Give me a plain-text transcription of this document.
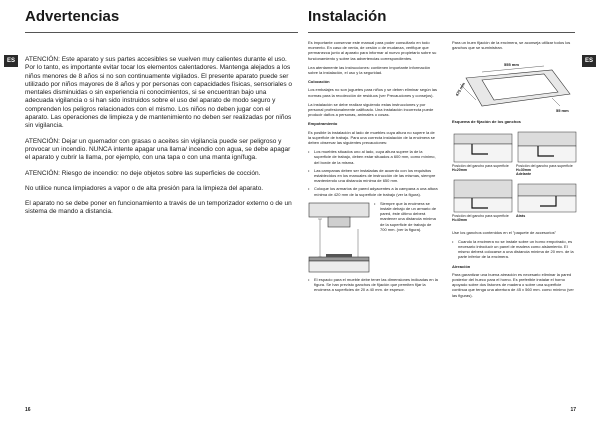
Advertencias
ES	ATENCIÓN: Este aparato y sus partes accesibles se vuelven muy calientes durante el uso. Por lo tanto, es importante evitar tocar los elementos calentadores. Mantenga alejados a los niños menores de 8 años si no son continuamente vigilados. El presente aparato puede ser utilizado por niños mayores de 8 años y por personas con capacidades físicas, sensoriales o mentales disminuidas o sin experiencia ni conocimientos, si se encuentran bajo una adecuada vigilancia o si han sido instruidos sobre el uso del aparato de modo seguro y comprenden los peligros relacionados con el mismo. Los niños no deben jugar con el aparato. Las operaciones de limpieza y de mantenimiento no deben ser realizadas por niños sin vigilancia.

ATENCIÓN: Dejar un quemador con grasas o aceites sin vigilancia puede ser peligroso y provocar un incendio. NUNCA intente apagar una llama/ incendio con agua, se debe apagar el aparato y cubrir la llama, por ejemplo, con una tapa o con una manta ignífuga.

ATENCIÓN: Riesgo de incendio: no deje objetos sobre las superficies de cocción.

No utilice nunca limpiadores a vapor o de alta presión para la limpieza del aparato.

El aparato no se debe poner en funcionamiento a través de un temporizador externo o de un sistema de mando a distancia.

16
Instalación
ES

Es importante conservar este manual para poder consultarlo en todo momento. En caso de venta, de cesión o de mudanza, verifique que permanezca junto al aparato para informar al nuevo propietario sobre su funcionamiento y sobre las advertencias correspondientes.

Lea atentamente las instrucciones: contienen importante información sobre la instalación, el uso y la seguridad.

Colocación

Los embalajes no son juguetes para niños y se deben eliminar según las normas para la recolección de residuos (ver Precauciones y consejos).

La instalación se debe realizar siguiendo estas instrucciones y por personal profesionalmente calificado. Una instalación incorrecta puede producir daños a personas, animales o cosas.

Empotramiento

Es posible la instalación al lado de muebles cuya altura no supere la de la superficie de trabajo. Para una correcta instalación de la encimera se deben observar las siguientes precauciones:

• Los muebles situados uno al lado, cuya altura supere la de la superficie de trabajo, deben estar situados a 600 mm, como mínimo, del borde de la misma.
• Las campanas deben ser instaladas de acuerdo con los requisitos establecidos en los manuales de instrucción de las mismas, siempre manteniendo una distancia mínima de 650 mm.
• Coloque los armarios de pared adyacentes a la campana a una altura mínima de 420 mm de la superficie de trabajo (ver la figura).
• Siempre que la encimera se instale debajo de un armario de pared, éste último deberá mantener una distancia mínima de la superficie de trabajo de 700 mm. (ver la figura).
• El espacio para el mueble debe tener las dimensiones indicadas en la figura. Se han previsto ganchos de fijación que permiten fijar la encimera a superficies de 20 a 40 mm. de espesor.

Para un buen fijación de la encimera, se aconseja utilizar todos los ganchos que se suministran.

555 mm
475 mm
55 mm
Esquema de fijación de los ganchos
Posición del gancho para superficie H=20mm
Posición del gancho para superficie H=30mm
Adelante
Posición del gancho para superficie H=40mm
Atrás

Use los ganchos contenidos en el "paquete de accesorios"

• Cuando la encimera no se instale sobre un horno empotrado, es necesario introducir un panel de madera como aislamiento. El mismo deberá colocarse a una distancia mínima de 20 mm. de la parte inferior de la encimera.
Aireación

Para garantizar una buena aireación es necesario eliminar la pared posterior del hueco para el horno. Es preferible instalar el horno apoyado sobre dos listones de madera o sobre una superficie continua que tenga una abertura de 45 x 560 mm. como mínimo (ver las figuras).

17
